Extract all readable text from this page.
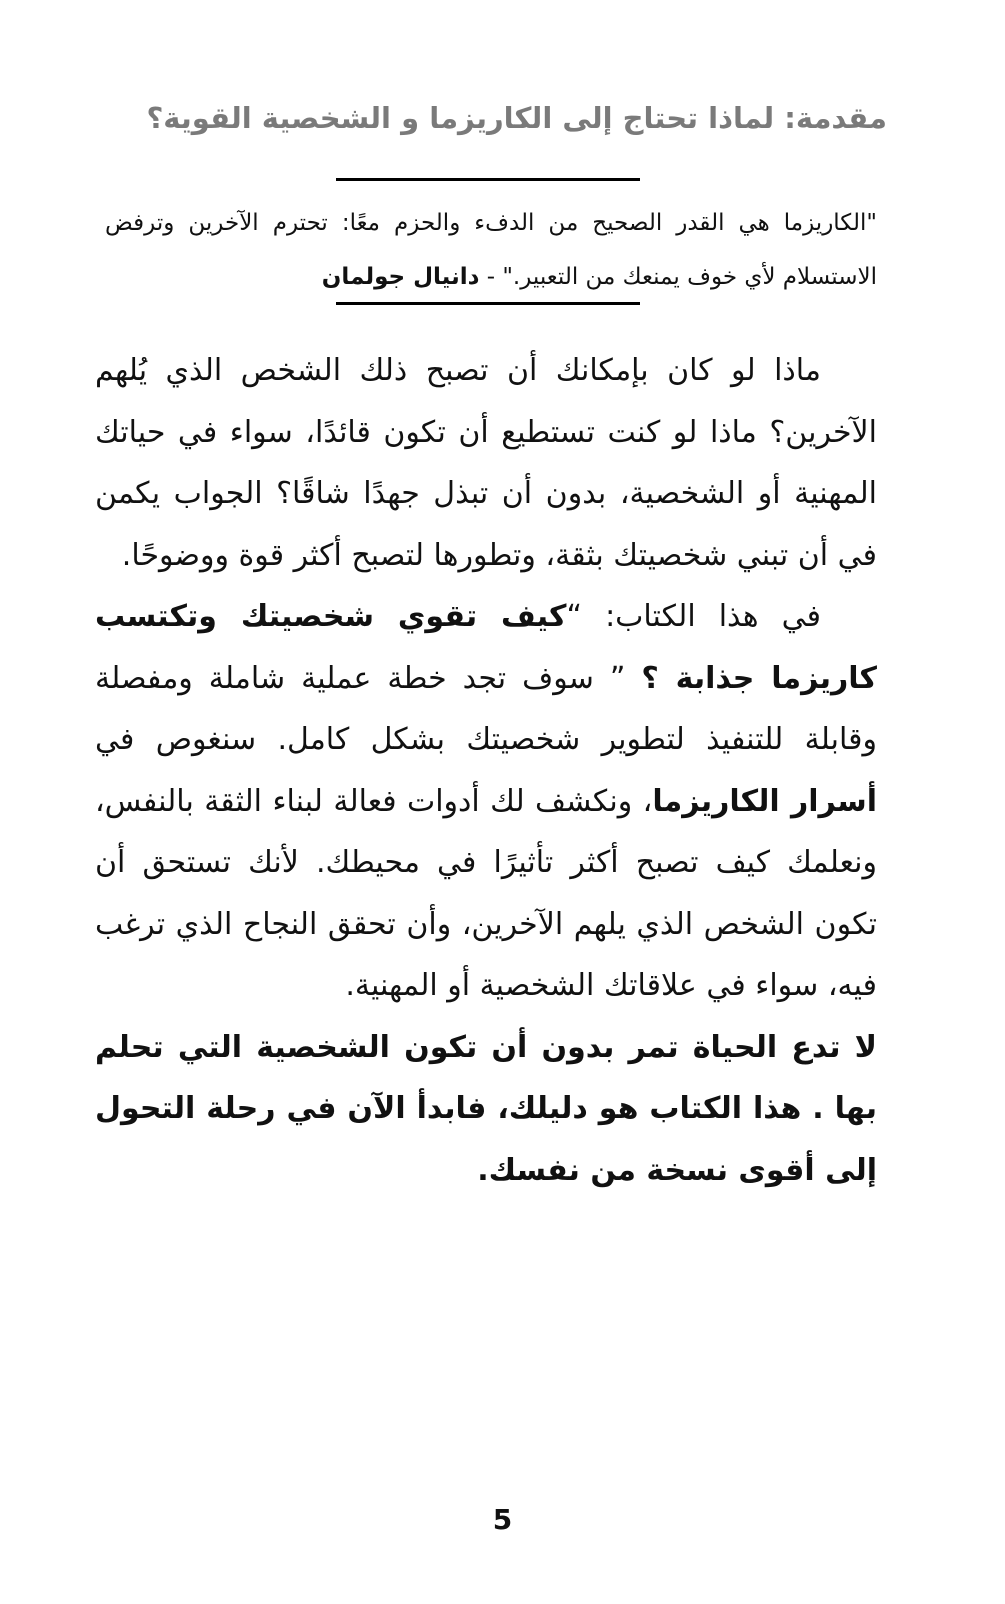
مقدمة: لماذا تحتاج إلى الكاريزما و الشخصية القوية؟
"الكاريزما هي القدر الصحيح من الدفء والحزم معًا: تحترم الآخرين وترفض الاستسلام لأي خوف يمنعك من التعبير." - دانيال جولمان

ماذا لو كان بإمكانك أن تصبح ذلك الشخص الذي يُلهم الآخرين؟ ماذا لو كنت تستطيع أن تكون قائدًا، سواء في حياتك المهنية أو الشخصية، بدون أن تبذل جهدًا شاقًا؟ الجواب يكمن في أن تبني شخصيتك بثقة، وتطورها لتصبح أكثر قوة ووضوحًا.

في هذا الكتاب: “كيف تقوي شخصيتك وتكتسب كاريزما جذابة ؟ ” سوف تجد خطة عملية شاملة ومفصلة وقابلة للتنفيذ لتطوير شخصيتك بشكل كامل. سنغوص في أسرار الكاريزما، ونكشف لك أدوات فعالة لبناء الثقة بالنفس، ونعلمك كيف تصبح أكثر تأثيرًا في محيطك. لأنك تستحق أن تكون الشخص الذي يلهم الآخرين، وأن تحقق النجاح الذي ترغب فيه، سواء في علاقاتك الشخصية أو المهنية.

لا تدع الحياة تمر بدون أن تكون الشخصية التي تحلم بها . هذا الكتاب هو دليلك، فابدأ الآن في رحلة التحول إلى أقوى نسخة من نفسك.

5
